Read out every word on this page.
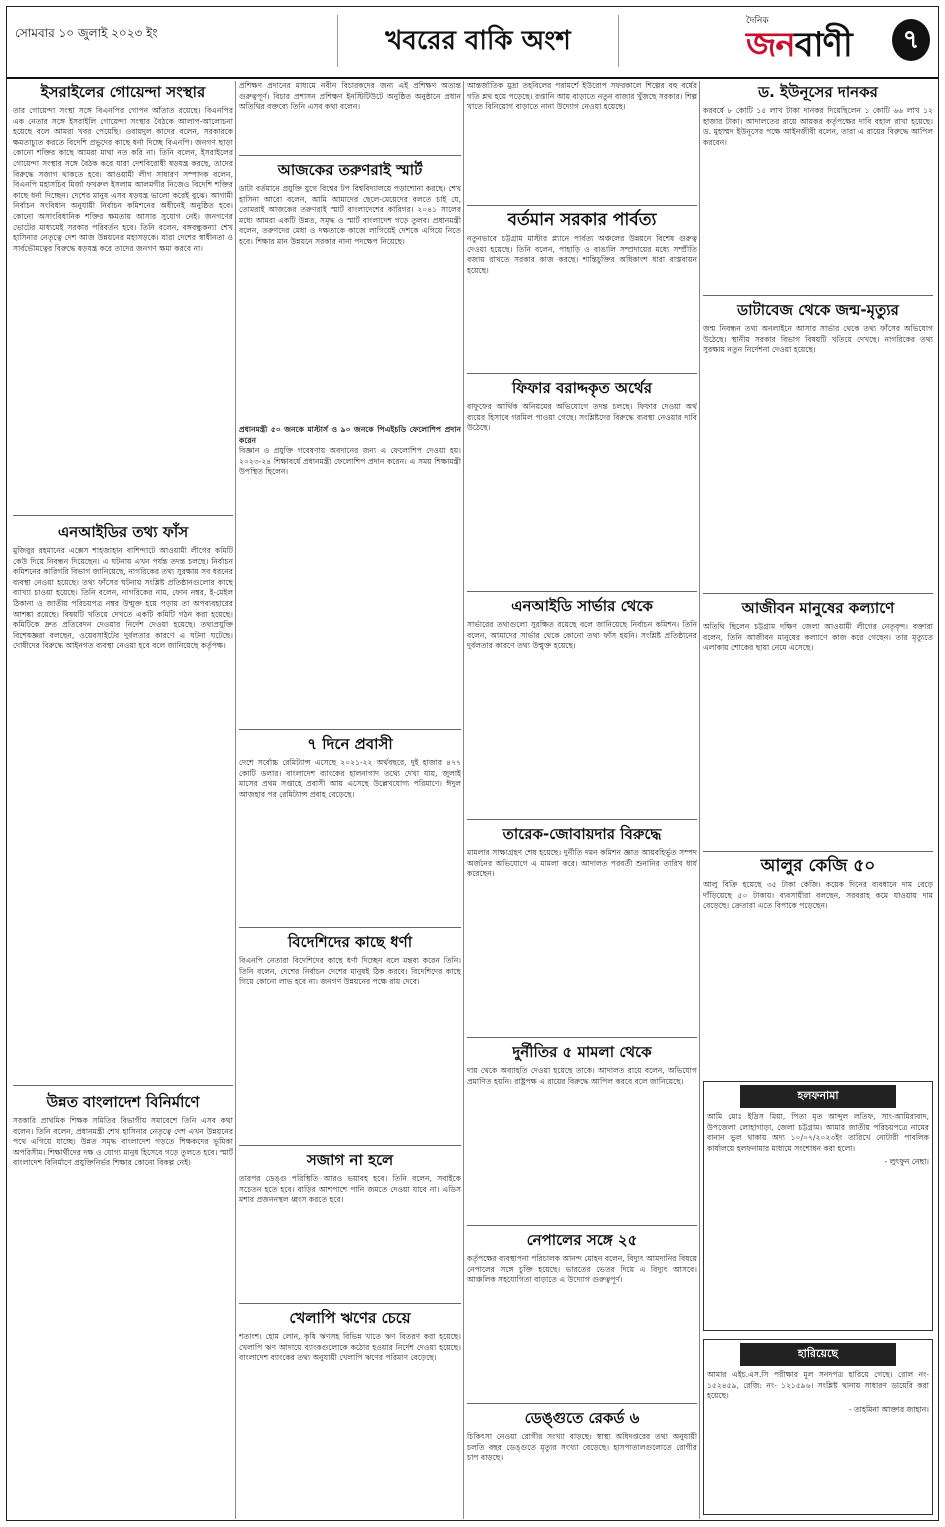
সোমবার ১০ জুলাই ২০২৩ ইং	খবরের বাকি অংশ
দৈনিক
জনবাণী	৭
ইসরাইলের গোয়েন্দা সংস্থার
তার গোয়েন্দা সংস্থা সঙ্গে বিএনপির গোপন আঁতাত রয়েছে। বিএনপির এক নেতার সঙ্গে ইসরাইলি গোয়েন্দা সংস্থার বৈঠকে আলাপ-আলোচনা হয়েছে বলে আমরা খবর পেয়েছি। ওবায়দুল কাদের বলেন, সরকারকে ক্ষমতাচ্যুত করতে বিদেশি প্রভুদের কাছে ধর্না দিচ্ছে বিএনপি। জনগণ ছাড়া কোনো শক্তির কাছে আমরা মাথা নত করি না। তিনি বলেন, ইসরাইলের গোয়েন্দা সংস্থার সঙ্গে বৈঠক করে যারা দেশবিরোধী ষড়যন্ত্র করছে, তাদের বিরুদ্ধে সজাগ থাকতে হবে। আওয়ামী লীগ সাধারণ সম্পাদক বলেন, বিএনপি মহাসচিব মির্জা ফখরুল ইসলাম আলমগীর নিজেও বিদেশি শক্তির কাছে ধর্না দিচ্ছেন। দেশের মানুষ এসব ষড়যন্ত্র ভালো করেই বুঝে। আগামী নির্বাচন সংবিধান অনুযায়ী নির্বাচন কমিশনের অধীনেই অনুষ্ঠিত হবে। কোনো অসাংবিধানিক শক্তির ক্ষমতায় আসার সুযোগ নেই। জনগণের ভোটের মাধ্যমেই সরকার পরিবর্তন হবে। তিনি বলেন, বঙ্গবন্ধুকন্যা শেখ হাসিনার নেতৃত্বে দেশ আজ উন্নয়নের মহাসড়কে। যারা দেশের স্বাধীনতা ও সার্বভৌমত্বের বিরুদ্ধে ষড়যন্ত্র করে তাদের জনগণ ক্ষমা করবে না।
এনআইডির তথ্য ফাঁস
মুজিবুর রহমানের এক্সেস শাহজাহান বাশিন্দাটে আওয়ামী লীগের কমিটি কেউ দিয়ে নিবন্ধন দিয়েছেন। এ ঘটনায় এখন পর্যন্ত তদন্ত চলছে। নির্বাচন কমিশনের কারিগরি বিভাগ জানিয়েছে, নাগরিকের তথ্য সুরক্ষায় সব ধরনের ব্যবস্থা নেওয়া হয়েছে। তথ্য ফাঁসের ঘটনায় সংশ্লিষ্ট প্রতিষ্ঠানগুলোর কাছে ব্যাখ্যা চাওয়া হয়েছে। তিনি বলেন, নাগরিকের নাম, ফোন নম্বর, ই-মেইল ঠিকানা ও জাতীয় পরিচয়পত্র নম্বর উন্মুক্ত হয়ে পড়ায় তা অপব্যবহারের আশঙ্কা রয়েছে। বিষয়টি খতিয়ে দেখতে একটি কমিটি গঠন করা হয়েছে। কমিটিকে দ্রুত প্রতিবেদন দেওয়ার নির্দেশ দেওয়া হয়েছে। তথ্যপ্রযুক্তি বিশেষজ্ঞরা বলছেন, ওয়েবসাইটের দুর্বলতার কারণে এ ঘটনা ঘটেছে। দোষীদের বিরুদ্ধে আইনগত ব্যবস্থা নেওয়া হবে বলে জানিয়েছে কর্তৃপক্ষ।
উন্নত বাংলাদেশ বিনির্মাণে
সরকারি প্রাথমিক শিক্ষক সমিতির বিভাগীয় সমাবেশে তিনি এসব কথা বলেন। তিনি বলেন, প্রধানমন্ত্রী শেখ হাসিনার নেতৃত্বে দেশ এখন উন্নয়নের পথে এগিয়ে যাচ্ছে। উন্নত সমৃদ্ধ বাংলাদেশ গড়তে শিক্ষকদের ভূমিকা অপরিসীম। শিক্ষার্থীদের দক্ষ ও যোগ্য মানুষ হিসেবে গড়ে তুলতে হবে। স্মার্ট বাংলাদেশ বিনির্মাণে প্রযুক্তিনির্ভর শিক্ষার কোনো বিকল্প নেই।
প্রশিক্ষণ প্রদানের মাধ্যমে নবীন বিচারকদের জন্য এই প্রশিক্ষণ অত্যন্ত গুরুত্বপূর্ণ। বিচার প্রশাসন প্রশিক্ষণ ইনস্টিটিউটে অনুষ্ঠিত অনুষ্ঠানে প্রধান অতিথির বক্তব্যে তিনি এসব কথা বলেন।
আজকের তরুণরাই স্মার্ট
ডাটা বর্তমানে প্রযুক্তি যুগে বিশ্বের টপ বিশ্ববিদ্যালয়ে পড়াশোনা করছে। শেখ হাসিনা আরো বলেন, আমি আমাদের ছেলে-মেয়েদের বলতে চাই যে, তোমরাই আজকের তরুণরাই স্মার্ট বাংলাদেশের কারিগর। ২০৪১ সালের মধ্যে আমরা একটি উন্নত, সমৃদ্ধ ও স্মার্ট বাংলাদেশ গড়ে তুলব। প্রধানমন্ত্রী বলেন, তরুণদের মেধা ও দক্ষতাকে কাজে লাগিয়েই দেশকে এগিয়ে নিতে হবে। শিক্ষার মান উন্নয়নে সরকার নানা পদক্ষেপ নিয়েছে।
প্রধানমন্ত্রী ৫০ জনকে মাস্টার্স ও ৯০ জনকে পিএইচডি ফেলোশিপ প্রদান করেন
বিজ্ঞান ও প্রযুক্তি গবেষণায় অবদানের জন্য এ ফেলোশিপ দেওয়া হয়। ২০২৩-২৪ শিক্ষাবর্ষে প্রধানমন্ত্রী ফেলোশিপ প্রদান করেন। এ সময় শিক্ষামন্ত্রী উপস্থিত ছিলেন।
৭ দিনে প্রবাসী
দেশে সর্বোচ্চ রেমিট্যান্স এসেছে ২০২১-২২ অর্থবছরে, দুই হাজার ৪৭৭ কোটি ডলার। বাংলাদেশ ব্যাংকের হালনাগাদ তথ্যে দেখা যায়, জুলাই মাসের প্রথম সপ্তাহে প্রবাসী আয় এসেছে উল্লেখযোগ্য পরিমাণে। ঈদুল আজহার পর রেমিট্যান্স প্রবাহ বেড়েছে।
বিদেশিদের কাছে ধর্ণা
বিএনপি নেতারা বিদেশিদের কাছে ধর্ণা দিচ্ছেন বলে মন্তব্য করেন তিনি। তিনি বলেন, দেশের নির্বাচন দেশের মানুষই ঠিক করবে। বিদেশিদের কাছে গিয়ে কোনো লাভ হবে না। জনগণ উন্নয়নের পক্ষে রায় দেবে।
সজাগ না হলে
তারপর ডেঙ্গু পরিস্থিতি আরও ভয়াবহ হবে। তিনি বলেন, সবাইকে সচেতন হতে হবে। বাড়ির আশপাশে পানি জমতে দেওয়া যাবে না। এডিস মশার প্রজননস্থল ধ্বংস করতে হবে।
খেলাপি ঋণের চেয়ে
শতাংশ। হোম লোন, কৃষি ঋণসহ বিভিন্ন খাতে ঋণ বিতরণ করা হয়েছে। খেলাপি ঋণ আদায়ে ব্যাংকগুলোকে কঠোর হওয়ার নির্দেশ দেওয়া হয়েছে। বাংলাদেশ ব্যাংকের তথ্য অনুযায়ী খেলাপি ঋণের পরিমাণ বেড়েছে।
আন্তর্জাতিক মুদ্রা তহবিলের পরামর্শে ইউরোপ সফরকালে শিল্পের বহু বর্ষের গতি শ্লথ হয়ে পড়েছে। রপ্তানি আয় বাড়াতে নতুন বাজার খুঁজছে সরকার। শিল্প খাতে বিনিয়োগ বাড়াতে নানা উদ্যোগ নেওয়া হয়েছে।
বর্তমান সরকার পার্বত্য
নতুনভাবে চট্টগ্রাম মাস্টার প্ল্যানে পার্বত্য অঞ্চলের উন্নয়নে বিশেষ গুরুত্ব দেওয়া হয়েছে। তিনি বলেন, পাহাড়ি ও বাঙালি সম্প্রদায়ের মধ্যে সম্প্রীতি বজায় রাখতে সরকার কাজ করছে। শান্তিচুক্তির অধিকাংশ ধারা বাস্তবায়ন হয়েছে।
ফিফার বরাদ্দকৃত অর্থের
বাফুফের আর্থিক অনিয়মের অভিযোগে তদন্ত চলছে। ফিফার দেওয়া অর্থ ব্যয়ের হিসাবে গরমিল পাওয়া গেছে। সংশ্লিষ্টদের বিরুদ্ধে ব্যবস্থা নেওয়ার দাবি উঠেছে।
এনআইডি সার্ভার থেকে
সার্ভারের তথ্যগুলো সুরক্ষিত রয়েছে বলে জানিয়েছে নির্বাচন কমিশন। তিনি বলেন, আমাদের সার্ভার থেকে কোনো তথ্য ফাঁস হয়নি। সংশ্লিষ্ট প্রতিষ্ঠানের দুর্বলতার কারণে তথ্য উন্মুক্ত হয়েছে।
তারেক-জোবায়দার বিরুদ্ধে
মামলার সাক্ষ্যগ্রহণ শেষ হয়েছে। দুর্নীতি দমন কমিশন জ্ঞাত আয়বহির্ভূত সম্পদ অর্জনের অভিযোগে এ মামলা করে। আদালত পরবর্তী শুনানির তারিখ ধার্য করেছেন।
দুর্নীতির ৫ মামলা থেকে
দায় থেকে অব্যাহতি দেওয়া হয়েছে তাকে। আদালত রায়ে বলেন, অভিযোগ প্রমাণিত হয়নি। রাষ্ট্রপক্ষ এ রায়ের বিরুদ্ধে আপিল করবে বলে জানিয়েছে।
নেপালের সঙ্গে ২৫
কর্তৃপক্ষের ব্যবস্থাপনা পরিচালক আনন্দ মোহন বলেন, বিদ্যুৎ আমদানির বিষয়ে নেপালের সঙ্গে চুক্তি হয়েছে। ভারতের ভেতর দিয়ে এ বিদ্যুৎ আসবে। আঞ্চলিক সহযোগিতা বাড়াতে এ উদ্যোগ গুরুত্বপূর্ণ।
ডেঙ্গুতে রেকর্ড ৬
চিকিৎসা নেওয়া রোগীর সংখ্যা বাড়ছে। স্বাস্থ্য অধিদপ্তরের তথ্য অনুযায়ী চলতি বছর ডেঙ্গুতে মৃত্যুর সংখ্যা বেড়েছে। হাসপাতালগুলোতে রোগীর চাপ বাড়ছে।
ড. ইউনূসের দানকর
করবর্ষে ৮ কোটি ১৫ লাখ টাকা দানকর দিয়েছিলেন ১ কোটি ৬৬ লাখ ১২ হাজার টাকা। আদালতের রায়ে আয়কর কর্তৃপক্ষের দাবি বহাল রাখা হয়েছে। ড. মুহাম্মদ ইউনূসের পক্ষে আইনজীবী বলেন, তারা এ রায়ের বিরুদ্ধে আপিল করবেন।
ডাটাবেজ থেকে জন্ম-মৃত্যুর
জন্ম নিবন্ধন তথ্য অনলাইনে আসার সার্ভার থেকে তথ্য ফাঁসের অভিযোগ উঠেছে। স্থানীয় সরকার বিভাগ বিষয়টি খতিয়ে দেখছে। নাগরিকের তথ্য সুরক্ষায় নতুন নির্দেশনা দেওয়া হয়েছে।
আজীবন মানুষের কল্যাণে
অতিথি ছিলেন চট্টগ্রাম দক্ষিণ জেলা আওয়ামী লীগের নেতৃবৃন্দ। বক্তারা বলেন, তিনি আজীবন মানুষের কল্যাণে কাজ করে গেছেন। তার মৃত্যুতে এলাকায় শোকের ছায়া নেমে এসেছে।
আলুর কেজি ৫০
আলু বিক্রি হয়েছে ৩৫ টাকা কেজি। কয়েক দিনের ব্যবধানে দাম বেড়ে দাঁড়িয়েছে ৫০ টাকায়। ব্যবসায়ীরা বলছেন, সরবরাহ কমে যাওয়ায় দাম বেড়েছে। ক্রেতারা এতে বিপাকে পড়েছেন।
হলফনামা
আমি মোঃ ইদ্রিস মিয়া, পিতা মৃত আব্দুল লতিফ, সাং-আমিরাবাদ, উপজেলা লোহাগাড়া, জেলা চট্টগ্রাম। আমার জাতীয় পরিচয়পত্রে নামের বানান ভুল থাকায় অদ্য ১০/০৭/২০২৩ইং তারিখে নোটারী পাবলিক কার্যালয়ে হলফনামার মাধ্যমে সংশোধন করা হলো।
- লুৎফুন নেছা।
হারিয়েছে
আমার এইচ.এস.সি পরীক্ষার মূল সনদপত্র হারিয়ে গেছে। রোল নং- ১৫২৪৫৯, রেজি: নং- ১২১৫৯৬। সংশ্লিষ্ট থানায় সাধারণ ডায়েরি করা হয়েছে।
- তাহমিনা আক্তার জাহান।
